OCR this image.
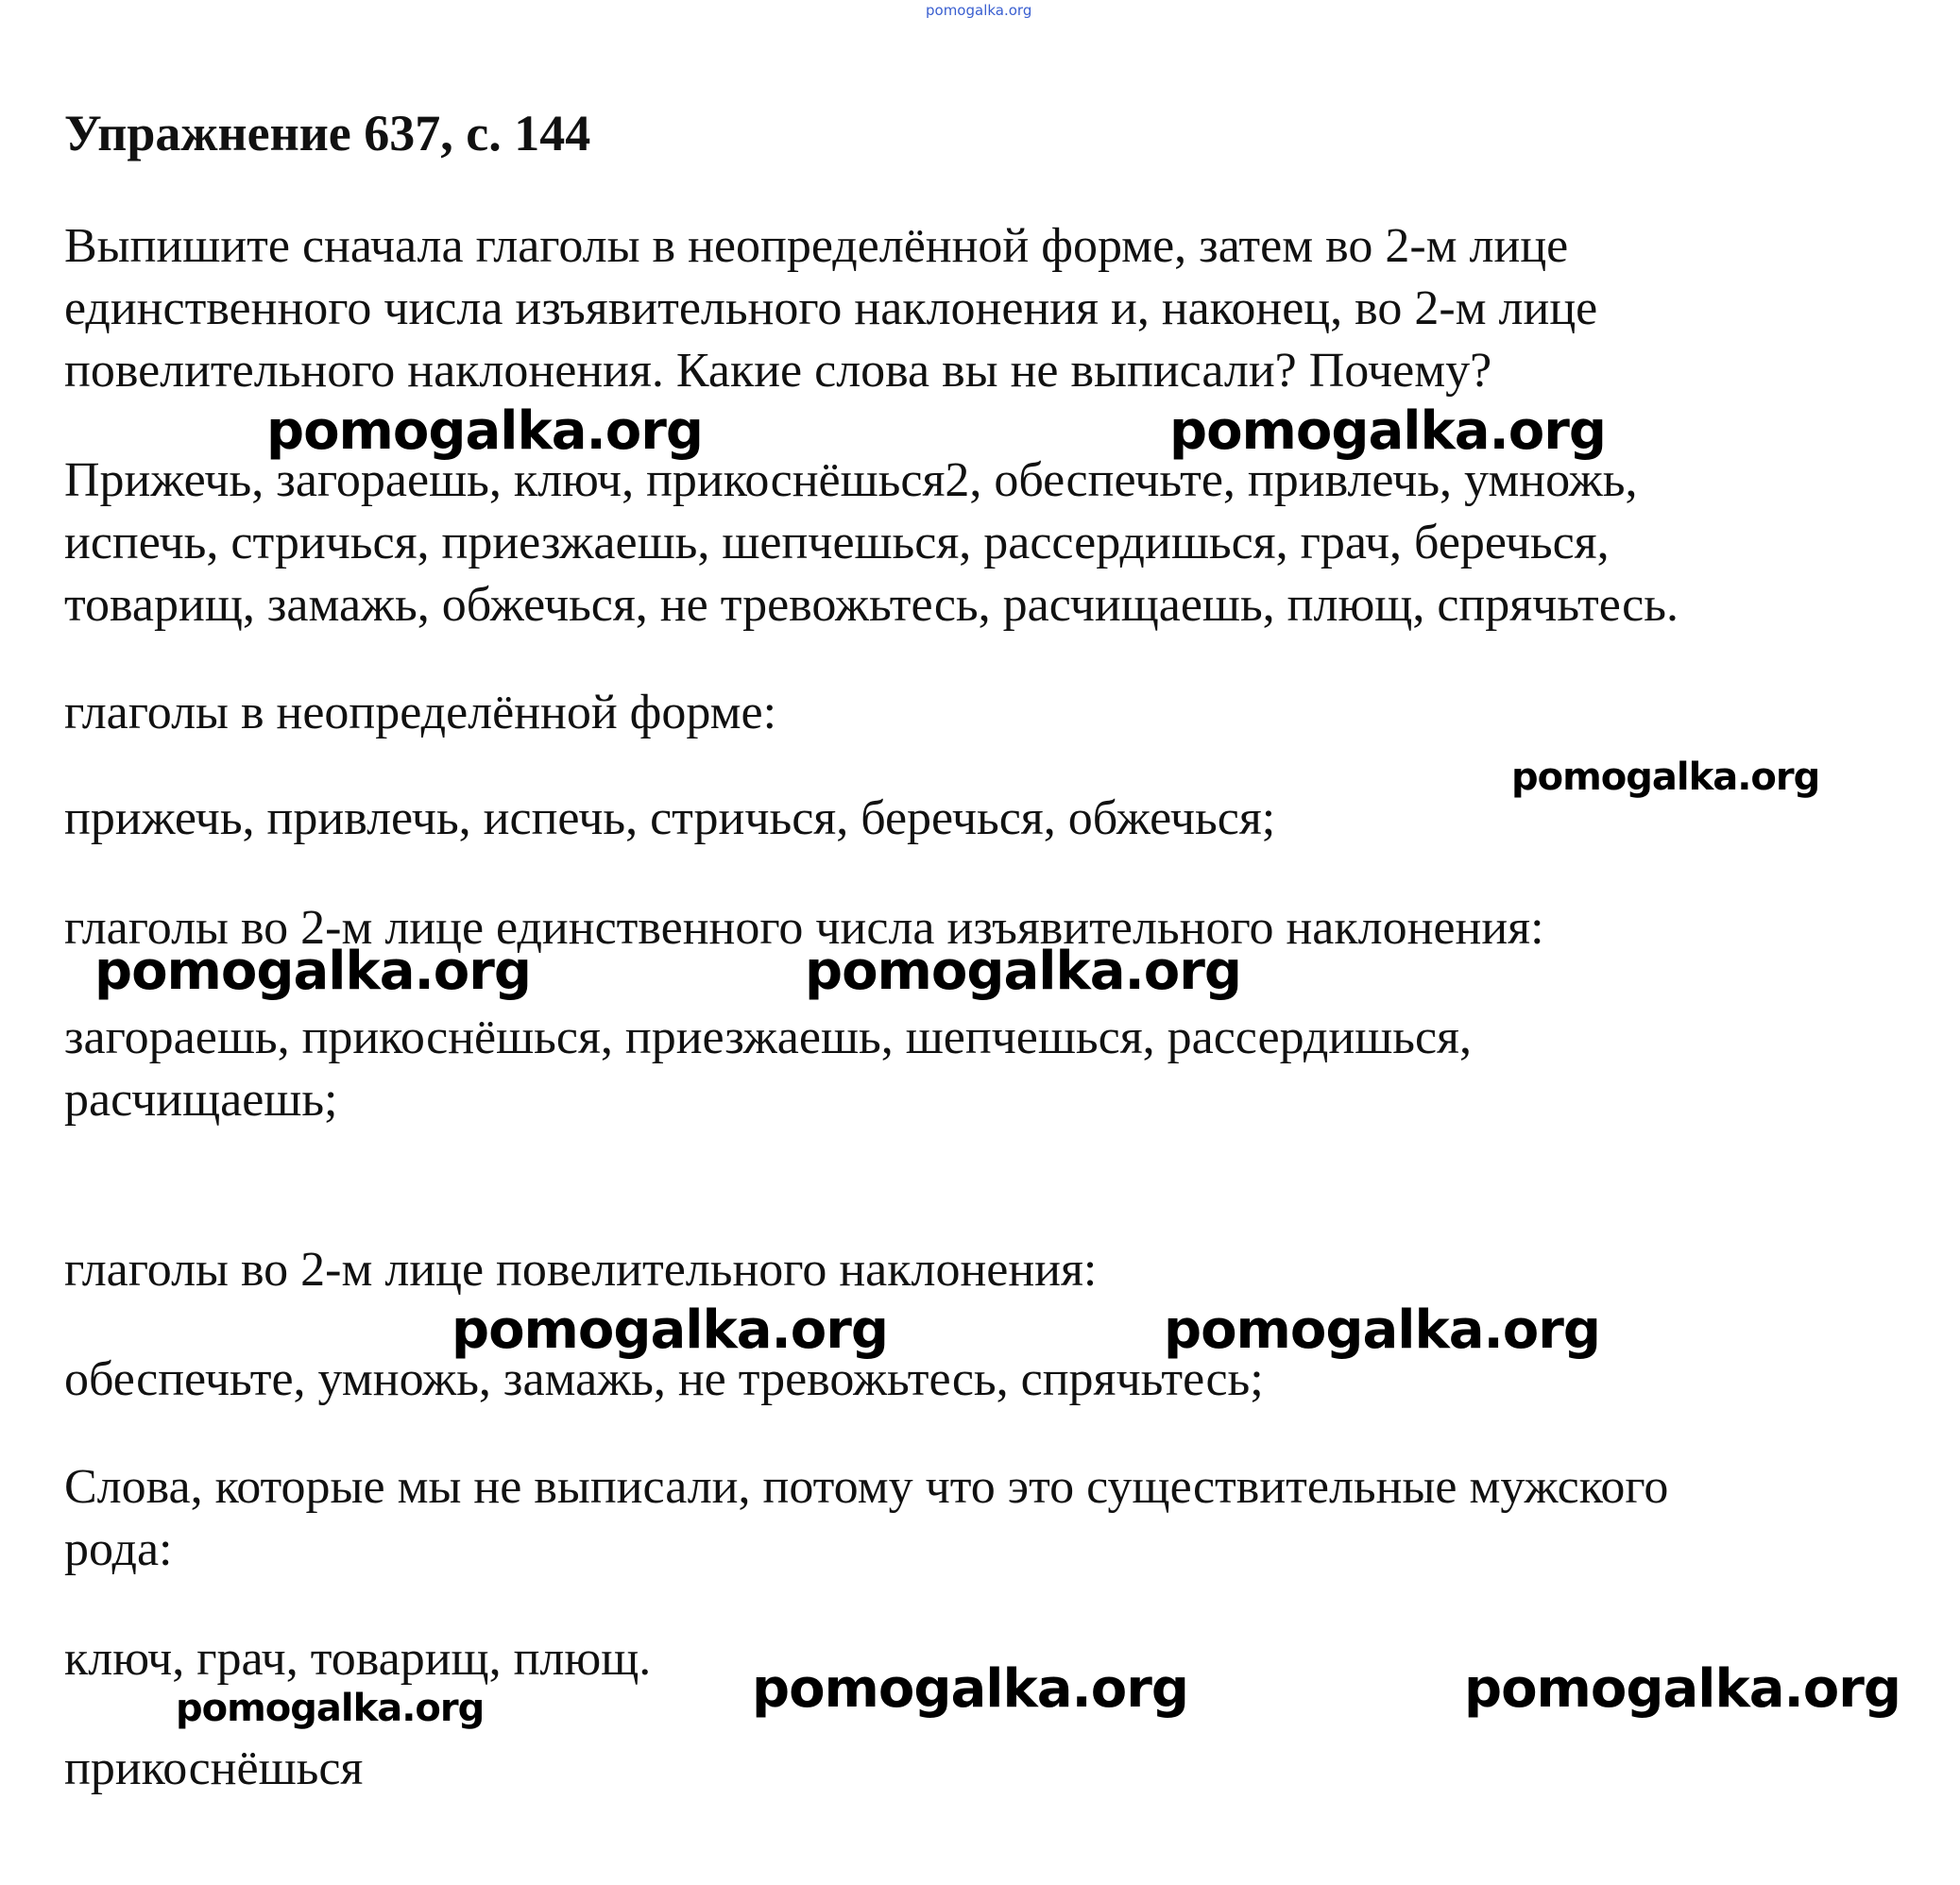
pomogalka.org

Упражнение 637, с. 144

Выпишите сначала глаголы в неопределённой форме, затем во 2-м лице
единственного числа изъявительного наклонения и, наконец, во 2-м лице
повелительного наклонения. Какие слова вы не выписали? Почему?

pomogalka.org	pomogalka.org

Прижечь, загораешь, ключ, прикоснёшься2, обеспечьте, привлечь, умножь,
испечь, стричься, приезжаешь, шепчешься, рассердишься, грач, беречься,
товарищ, замажь, обжечься, не тревожьтесь, расчищаешь, плющ, спрячьтесь.

глаголы в неопределённой форме:

pomogalka.org

прижечь, привлечь, испечь, стричься, беречься, обжечься;

глаголы во 2-м лице единственного числа изъявительного наклонения:

pomogalka.org	pomogalka.org

загораешь, прикоснёшься, приезжаешь, шепчешься, рассердишься,
расчищаешь;

глаголы во 2-м лице повелительного наклонения:

pomogalka.org	pomogalka.org

обеспечьте, умножь, замажь, не тревожьтесь, спрячьтесь;

Слова, которые мы не выписали, потому что это существительные мужского
рода:

ключ, грач, товарищ, плющ. pomogalka.org	pomogalka.org
pomogalka.org

прикоснёшься
